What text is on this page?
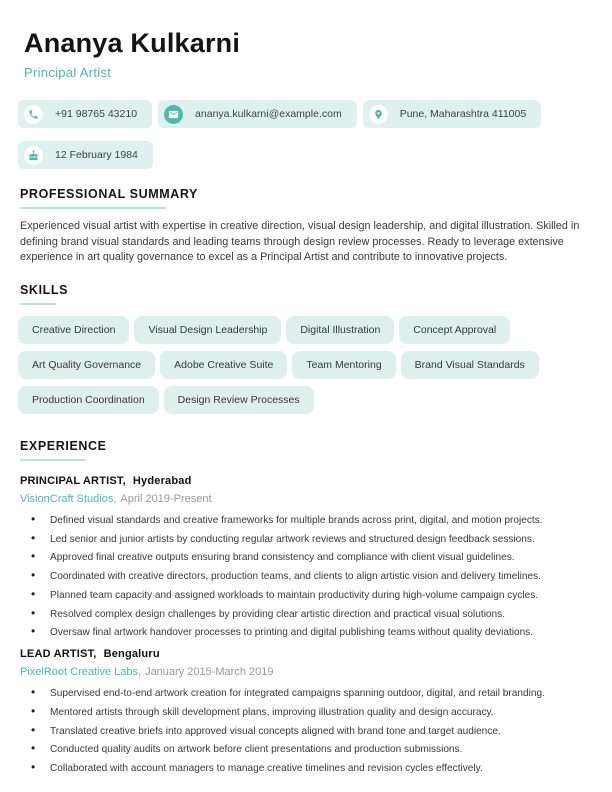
Ananya Kulkarni
Principal Artist
+91 98765 43210	ananya.kulkarni@example.com	Pune, Maharashtra 411005
12 February 1984
PROFESSIONAL SUMMARY
Experienced visual artist with expertise in creative direction, visual design leadership, and digital illustration. Skilled in defining brand visual standards and leading teams through design review processes. Ready to leverage extensive experience in art quality governance to excel as a Principal Artist and contribute to innovative projects.
SKILLS
Creative Direction	Visual Design Leadership	Digital Illustration	Concept Approval
Art Quality Governance	Adobe Creative Suite	Team Mentoring	Brand Visual Standards
Production Coordination	Design Review Processes
EXPERIENCE
PRINCIPAL ARTIST, Hyderabad
VisionCraft Studios, April 2019-Present
• Defined visual standards and creative frameworks for multiple brands across print, digital, and motion projects.
• Led senior and junior artists by conducting regular artwork reviews and structured design feedback sessions.
• Approved final creative outputs ensuring brand consistency and compliance with client visual guidelines.
• Coordinated with creative directors, production teams, and clients to align artistic vision and delivery timelines.
• Planned team capacity and assigned workloads to maintain productivity during high-volume campaign cycles.
• Resolved complex design challenges by providing clear artistic direction and practical visual solutions.
• Oversaw final artwork handover processes to printing and digital publishing teams without quality deviations.
LEAD ARTIST, Bengaluru
PixelRoot Creative Labs, January 2015-March 2019
• Supervised end-to-end artwork creation for integrated campaigns spanning outdoor, digital, and retail branding.
• Mentored artists through skill development plans, improving illustration quality and design accuracy.
• Translated creative briefs into approved visual concepts aligned with brand tone and target audience.
• Conducted quality audits on artwork before client presentations and production submissions.
• Collaborated with account managers to manage creative timelines and revision cycles effectively.
